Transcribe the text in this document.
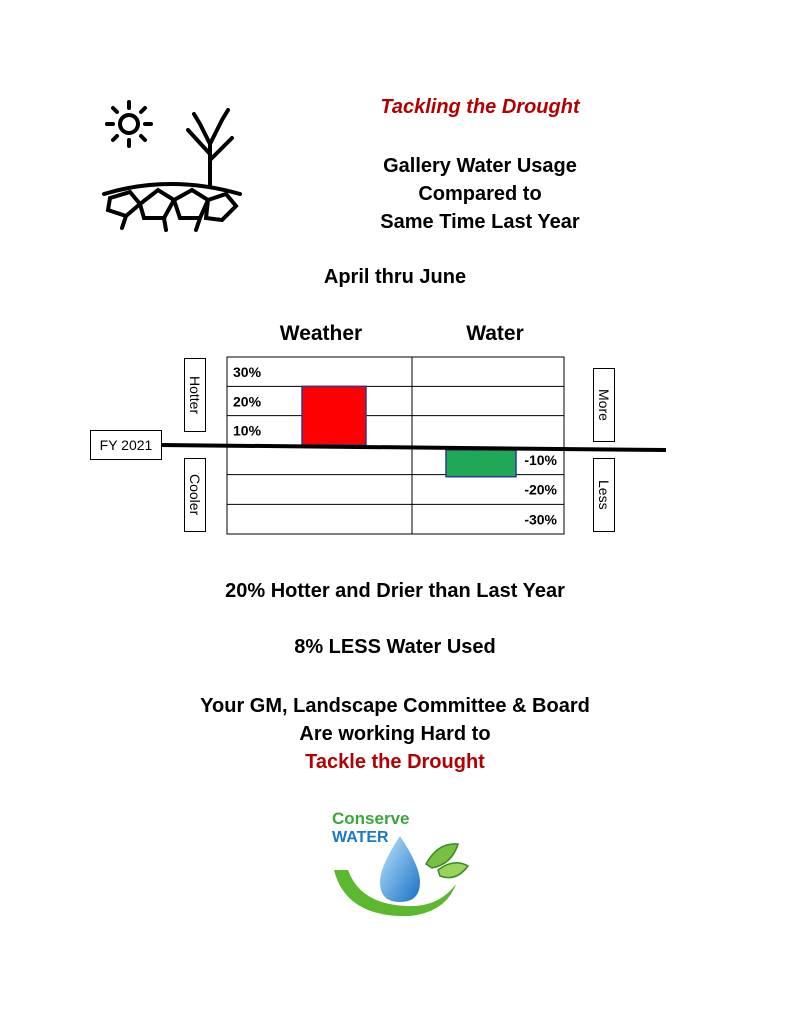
Tackling the Drought
Gallery Water Usage
Compared to
Same Time Last Year
April thru June
Weather	Water
30%
20%
10%
-10%
-20%
-30%
FY 2021
Hotter
Cooler
More
Less
20% Hotter and Drier than Last Year
8% LESS Water Used
Your GM, Landscape Committee & Board
Are working Hard to
Tackle the Drought
Conserve
WATER
